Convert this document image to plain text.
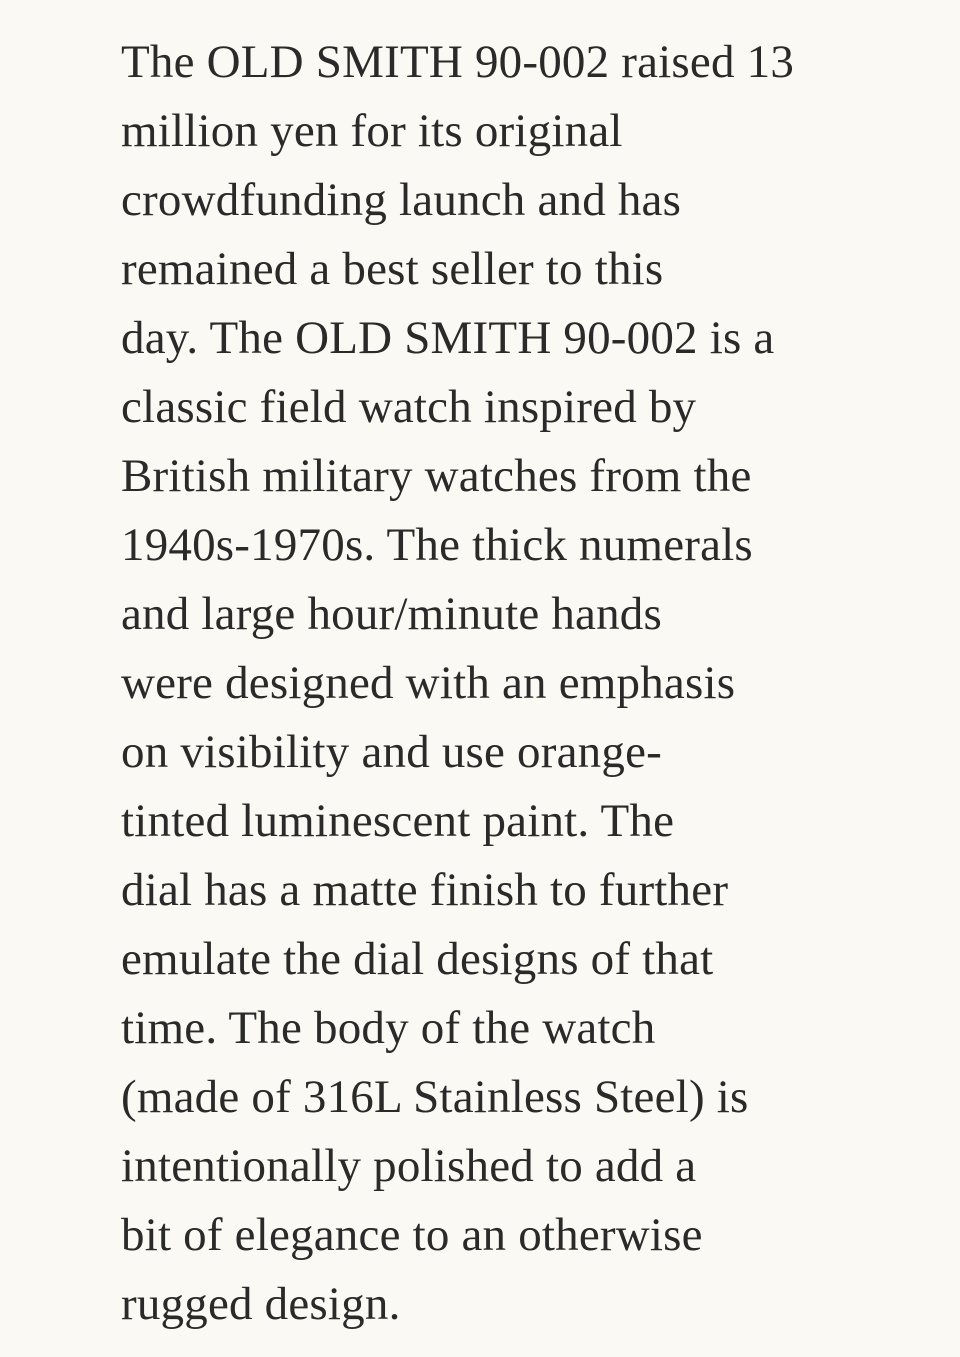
The OLD SMITH 90-002 raised 13
million yen for its original
crowdfunding launch and has
remained a best seller to this
day. The OLD SMITH 90-002 is a
classic field watch inspired by
British military watches from the
1940s-1970s. The thick numerals
and large hour/minute hands
were designed with an emphasis
on visibility and use orange-
tinted luminescent paint. The
dial has a matte finish to further
emulate the dial designs of that
time. The body of the watch
(made of 316L Stainless Steel) is
intentionally polished to add a
bit of elegance to an otherwise
rugged design.
